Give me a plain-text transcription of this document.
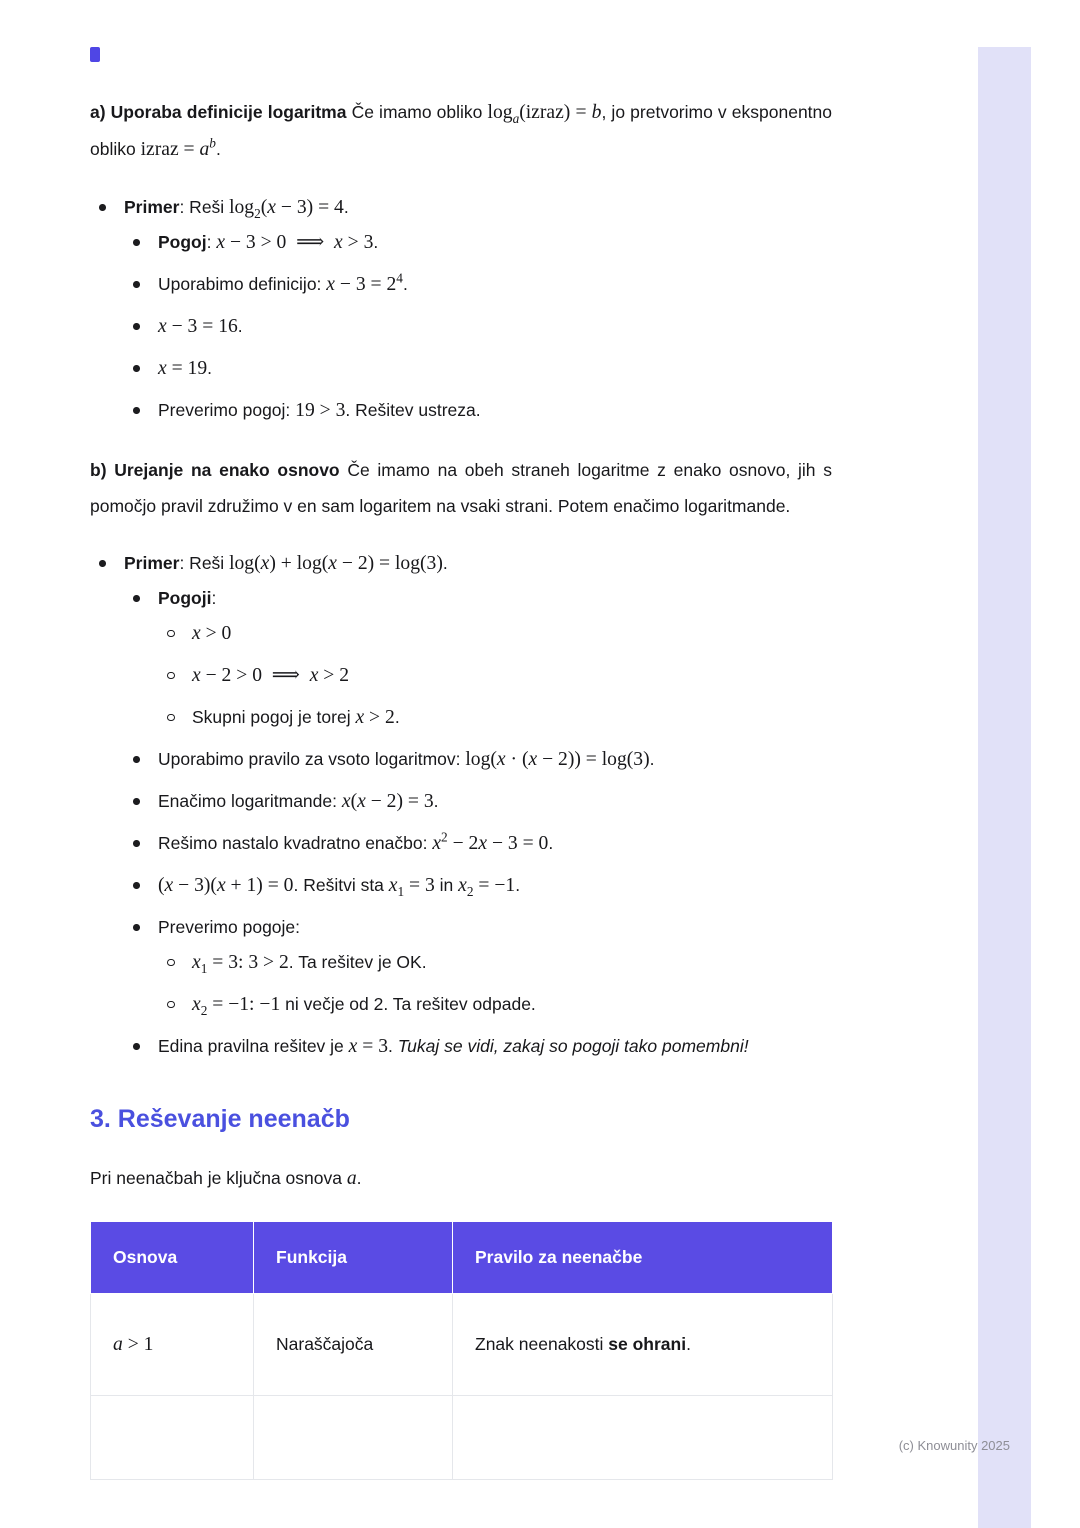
a) Uporaba definicije logaritma Če imamo obliko $\log_a(izraz) = b$, jo pretvorimo v eksponentno obliko izraz = $a^b$.

Primer: Reši $\log_2(x - 3) = 4$.
Pogoj: x − 3 > 0  ⟹  x > 3.
Uporabimo definicijo: $x - 3 = 2^4$.
x − 3 = 16.
x = 19.
Preverimo pogoj: 19 > 3. Rešitev ustreza.

b) Urejanje na enako osnovo Če imamo na obeh straneh logaritme z enako osnovo, jih s pomočjo pravil združimo v en sam logaritem na vsaki strani. Potem enačimo logaritmande.

Primer: Reši log(x) + log(x − 2) = log(3).
Pogoji:
x > 0
x − 2 > 0  ⟹  x > 2
Skupni pogoj je torej x > 2.
Uporabimo pravilo za vsoto logaritmov: log(x · (x − 2)) = log(3).
Enačimo logaritmande: x(x − 2) = 3.
Rešimo nastalo kvadratno enačbo: $x^2 - 2x - 3 = 0$.
(x − 3)(x + 1) = 0. Rešitvi sta $x_1 = 3$ in $x_2 = -1$.
Preverimo pogoje:
$x_1 = 3$: 3 > 2. Ta rešitev je OK.
$x_2 = -1$: −1 ni večje od 2. Ta rešitev odpade.
Edina pravilna rešitev je x = 3. Tukaj se vidi, zakaj so pogoji tako pomembni!
3. Reševanje neenačb

Pri neenačbah je ključna osnova a.

Osnova	Funkcija	Pravilo za neenačbe
a > 1	Naraščajoča	Znak neenakosti se ohrani.

(c) Knowunity 2025
